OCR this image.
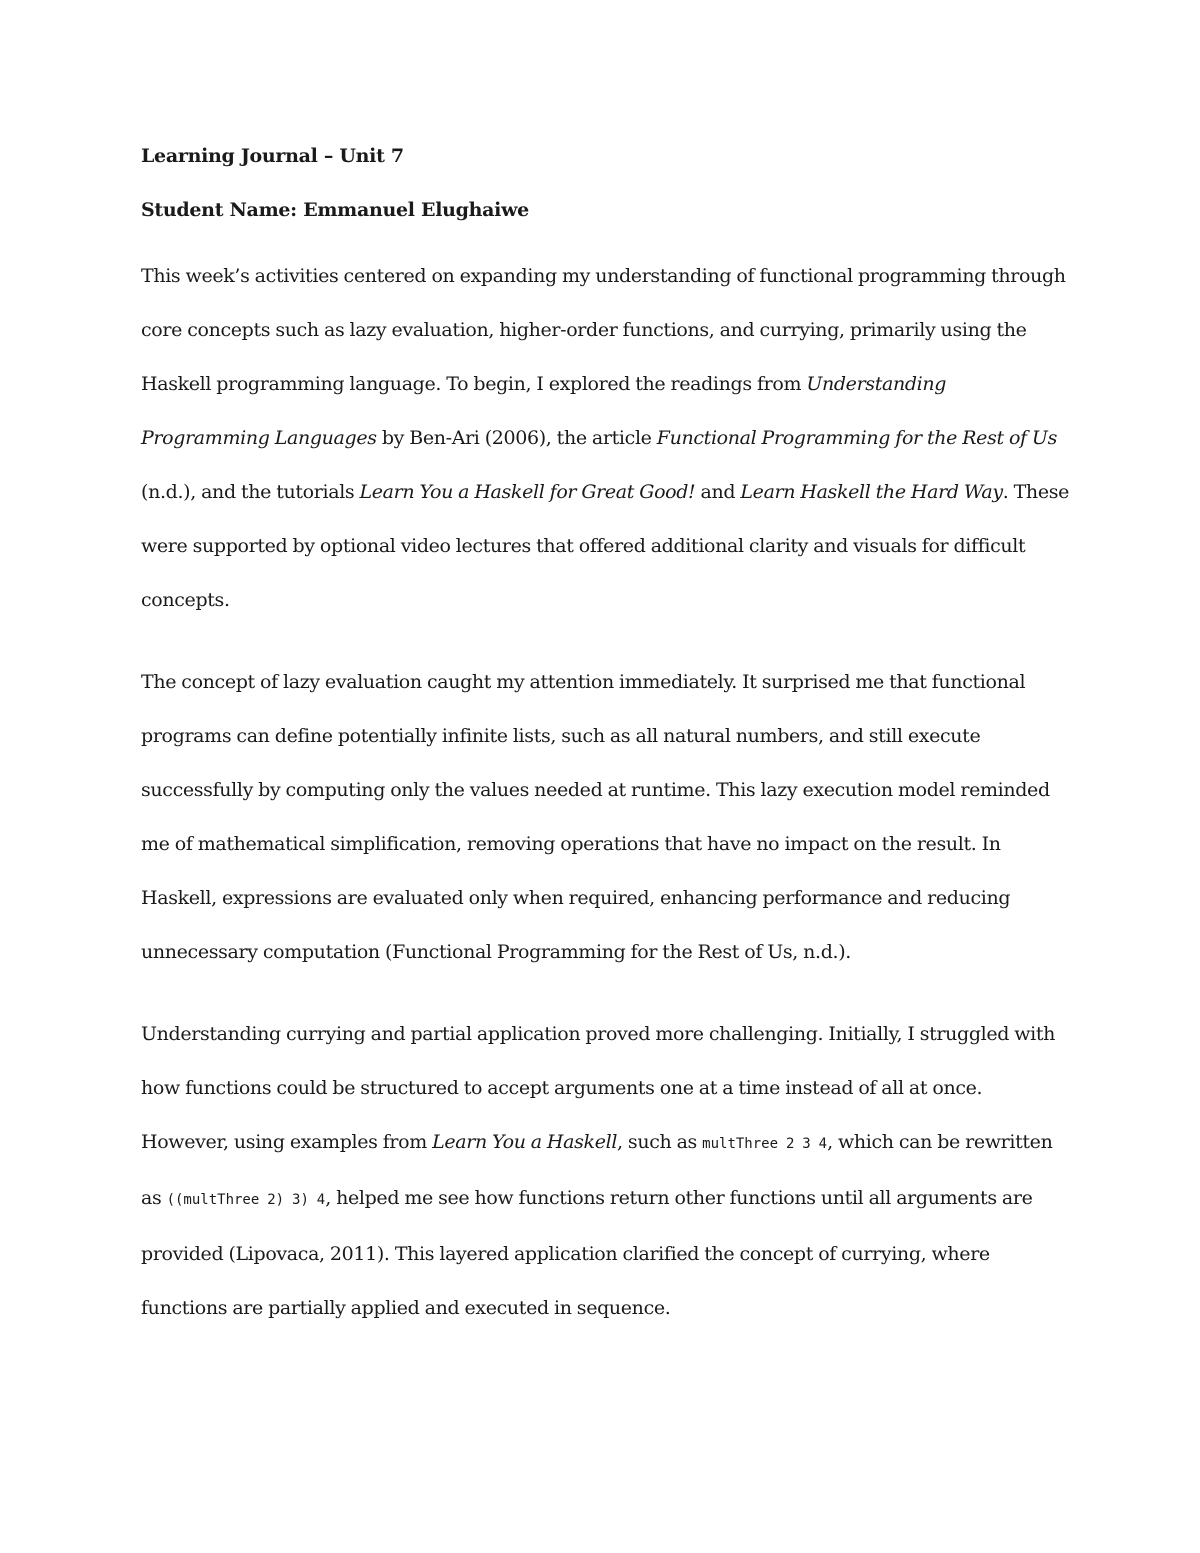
Learning Journal – Unit 7

Student Name: Emmanuel Elughaiwe

This week’s activities centered on expanding my understanding of functional programming through core concepts such as lazy evaluation, higher-order functions, and currying, primarily using the Haskell programming language. To begin, I explored the readings from Understanding Programming Languages by Ben-Ari (2006), the article Functional Programming for the Rest of Us (n.d.), and the tutorials Learn You a Haskell for Great Good! and Learn Haskell the Hard Way. These were supported by optional video lectures that offered additional clarity and visuals for difficult concepts.

The concept of lazy evaluation caught my attention immediately. It surprised me that functional programs can define potentially infinite lists, such as all natural numbers, and still execute successfully by computing only the values needed at runtime. This lazy execution model reminded me of mathematical simplification, removing operations that have no impact on the result. In Haskell, expressions are evaluated only when required, enhancing performance and reducing unnecessary computation (Functional Programming for the Rest of Us, n.d.).

Understanding currying and partial application proved more challenging. Initially, I struggled with how functions could be structured to accept arguments one at a time instead of all at once. However, using examples from Learn You a Haskell, such as multThree 2 3 4, which can be rewritten as ((multThree 2) 3) 4, helped me see how functions return other functions until all arguments are provided (Lipovaca, 2011). This layered application clarified the concept of currying, where functions are partially applied and executed in sequence.
